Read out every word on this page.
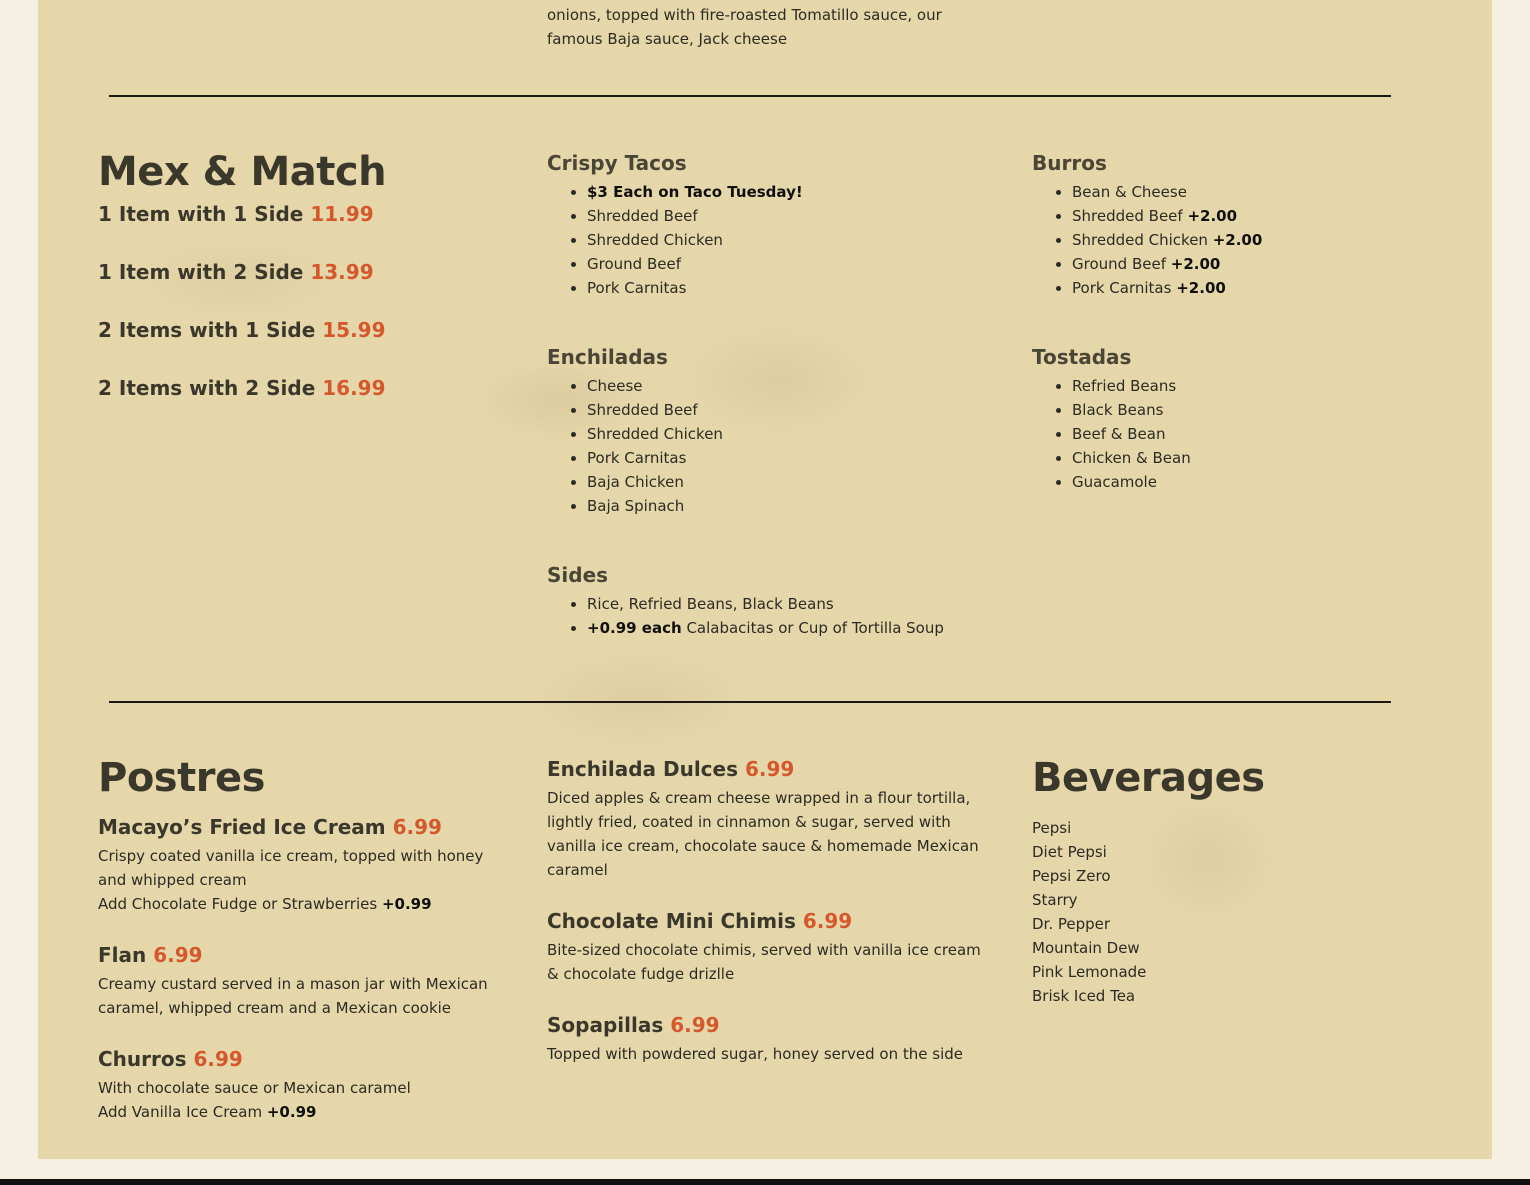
onions, topped with fire-roasted Tomatillo sauce, our
famous Baja sauce, Jack cheese
Mex & Match
1 Item with 1 Side 11.99
1 Item with 2 Side 13.99
2 Items with 1 Side 15.99
2 Items with 2 Side 16.99
Crispy Tacos
• $3 Each on Taco Tuesday!
• Shredded Beef
• Shredded Chicken
• Ground Beef
• Pork Carnitas
Burros
• Bean & Cheese
• Shredded Beef +2.00
• Shredded Chicken +2.00
• Ground Beef +2.00
• Pork Carnitas +2.00
Enchiladas
• Cheese
• Shredded Beef
• Shredded Chicken
• Pork Carnitas
• Baja Chicken
• Baja Spinach
Tostadas
• Refried Beans
• Black Beans
• Beef & Bean
• Chicken & Bean
• Guacamole
Sides
• Rice, Refried Beans, Black Beans
• +0.99 each Calabacitas or Cup of Tortilla Soup
Postres
Macayo’s Fried Ice Cream 6.99
Crispy coated vanilla ice cream, topped with honey and whipped cream
Add Chocolate Fudge or Strawberries +0.99
Flan 6.99
Creamy custard served in a mason jar with Mexican caramel, whipped cream and a Mexican cookie
Churros 6.99
With chocolate sauce or Mexican caramel
Add Vanilla Ice Cream +0.99
Enchilada Dulces 6.99
Diced apples & cream cheese wrapped in a flour tortilla, lightly fried, coated in cinnamon & sugar, served with vanilla ice cream, chocolate sauce & homemade Mexican caramel
Chocolate Mini Chimis 6.99
Bite-sized chocolate chimis, served with vanilla ice cream & chocolate fudge drizlle
Sopapillas 6.99
Topped with powdered sugar, honey served on the side
Beverages
Pepsi
Diet Pepsi
Pepsi Zero
Starry
Dr. Pepper
Mountain Dew
Pink Lemonade
Brisk Iced Tea
